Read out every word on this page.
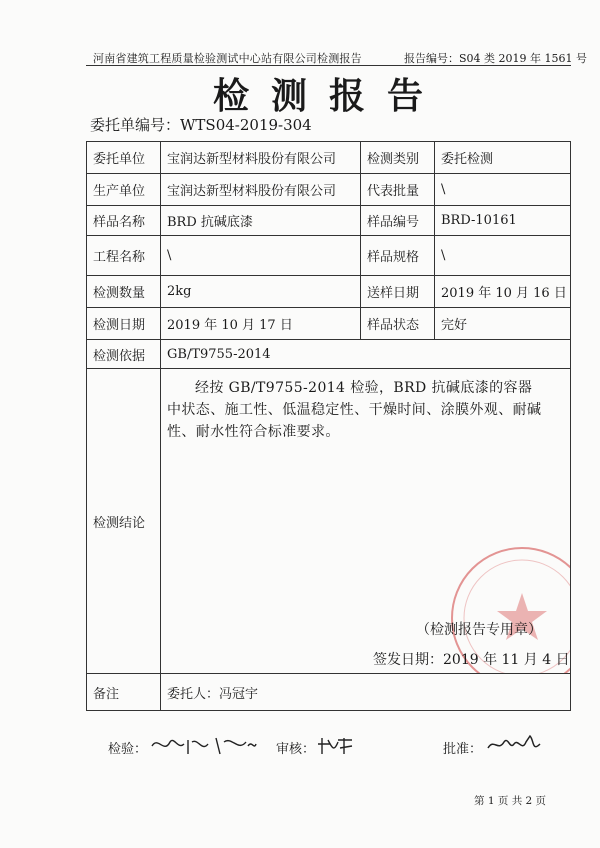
河南省建筑工程质量检验测试中心站有限公司检测报告	报告编号：S04 类 2019 年 1561 号
检测报告
委托单编号：WTS04-2019-304
委托单位	宝润达新型材料股份有限公司	检测类别	委托检测
生产单位	宝润达新型材料股份有限公司	代表批量	\
样品名称	BRD 抗碱底漆	样品编号	BRD-10161
工程名称	\	样品规格	\
检测数量	2kg	送样日期	2019 年 10 月 16 日
检测日期	2019 年 10 月 17 日	样品状态	完好
检测依据	GB/T9755-2014		
检测结论	经按 GB/T9755-2014 检验，BRD 抗碱底漆的容器中状态、施工性、低温稳定性、干燥时间、涂膜外观、耐碱性、耐水性符合标准要求。
（检测报告专用章）
签发日期：2019 年 11 月 4 日		

备注	委托人：冯冠宇		
检验：	审核：	批准：
第 1 页 共 2 页
